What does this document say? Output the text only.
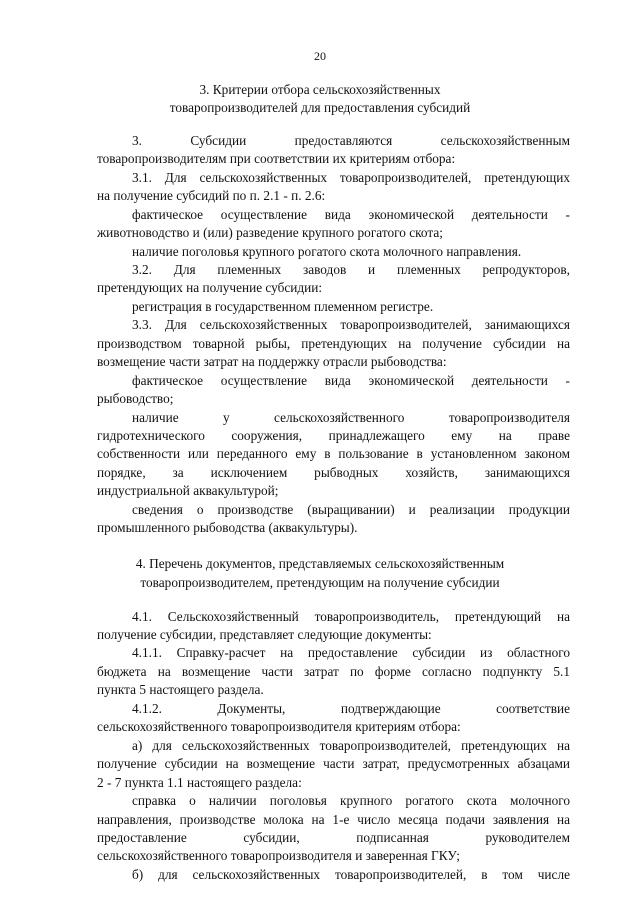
20
3. Критерии отбора сельскохозяйственных
товаропроизводителей для предоставления субсидий
3. Субсидии предоставляются сельскохозяйственным
товаропроизводителям при соответствии их критериям отбора:
3.1. Для сельскохозяйственных товаропроизводителей, претендующих
на получение субсидий по п. 2.1 - п. 2.6:
фактическое осуществление вида экономической деятельности -
животноводство и (или) разведение крупного рогатого скота;
наличие поголовья крупного рогатого скота молочного направления.
3.2. Для племенных заводов и племенных репродукторов,
претендующих на получение субсидии:
регистрация в государственном племенном регистре.
3.3. Для сельскохозяйственных товаропроизводителей, занимающихся
производством товарной рыбы, претендующих на получение субсидии на
возмещение части затрат на поддержку отрасли рыбоводства:
фактическое осуществление вида экономической деятельности -
рыбоводство;
наличие у сельскохозяйственного товаропроизводителя
гидротехнического сооружения, принадлежащего ему на праве
собственности или переданного ему в пользование в установленном законом
порядке, за исключением рыбводных хозяйств, занимающихся
индустриальной аквакультурой;
сведения о производстве (выращивании) и реализации продукции
промышленного рыбоводства (аквакультуры).
4. Перечень документов, представляемых сельскохозяйственным
товаропроизводителем, претендующим на получение субсидии
4.1. Сельскохозяйственный товаропроизводитель, претендующий на
получение субсидии, представляет следующие документы:
4.1.1. Справку-расчет на предоставление субсидии из областного
бюджета на возмещение части затрат по форме согласно подпункту 5.1
пункта 5 настоящего раздела.
4.1.2. Документы, подтверждающие соответствие
сельскохозяйственного товаропроизводителя критериям отбора:
а) для сельскохозяйственных товаропроизводителей, претендующих на
получение субсидии на возмещение части затрат, предусмотренных абзацами
2 - 7 пункта 1.1 настоящего раздела:
справка о наличии поголовья крупного рогатого скота молочного
направления, производстве молока на 1-е число месяца подачи заявления на
предоставление субсидии, подписанная руководителем
сельскохозяйственного товаропроизводителя и заверенная ГКУ;
б) для сельскохозяйственных товаропроизводителей, в том числе
